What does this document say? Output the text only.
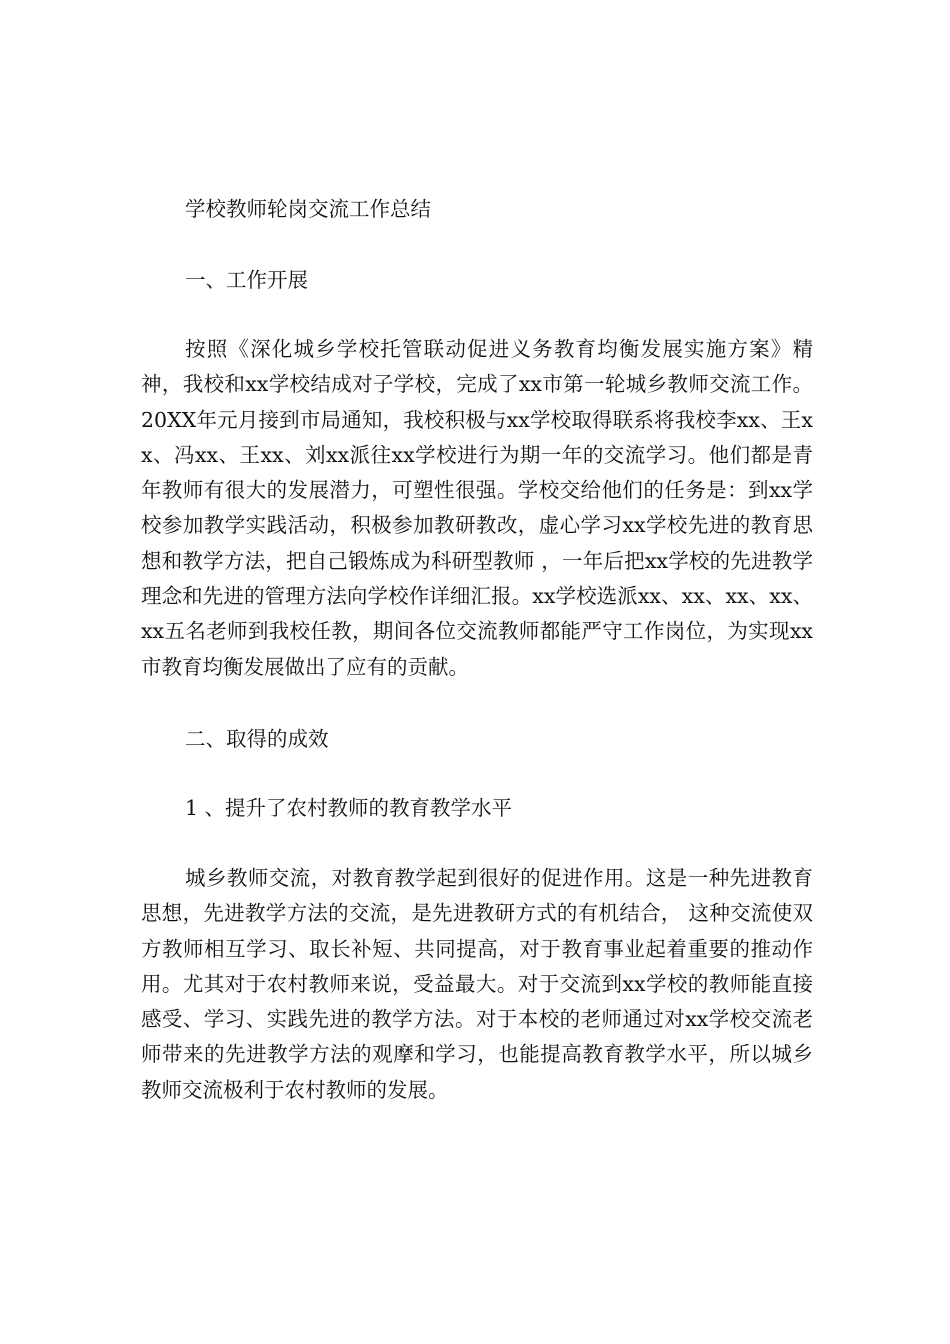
学校教师轮岗交流工作总结

一、工作开展

按照《深化城乡学校托管联动促进义务教育均衡发展实施方案》精神，我校和xx学校结成对子学校，完成了xx市第一轮城乡教师交流工作。20XX年元月接到市局通知，我校积极与xx学校取得联系将我校李xx、王xx、冯xx、王xx、刘xx派往xx学校进行为期一年的交流学习。他们都是青年教师有很大的发展潜力，可塑性很强。学校交给他们的任务是：到xx学校参加教学实践活动，积极参加教研教改，虚心学习xx学校先进的教育思想和教学方法，把自己锻炼成为科研型教师 ，一年后把xx学校的先进教学理念和先进的管理方法向学校作详细汇报。xx学校选派xx、xx、xx、xx、xx五名老师到我校任教，期间各位交流教师都能严守工作岗位，为实现xx市教育均衡发展做出了应有的贡献。

二、取得的成效

1 、提升了农村教师的教育教学水平

城乡教师交流，对教育教学起到很好的促进作用。这是一种先进教育思想，先进教学方法的交流，是先进教研方式的有机结合， 这种交流使双方教师相互学习、取长补短、共同提高，对于教育事业起着重要的推动作用。尤其对于农村教师来说，受益最大。对于交流到xx学校的教师能直接感受、学习、实践先进的教学方法。对于本校的老师通过对xx学校交流老师带来的先进教学方法的观摩和学习，也能提高教育教学水平，所以城乡教师交流极利于农村教师的发展。
